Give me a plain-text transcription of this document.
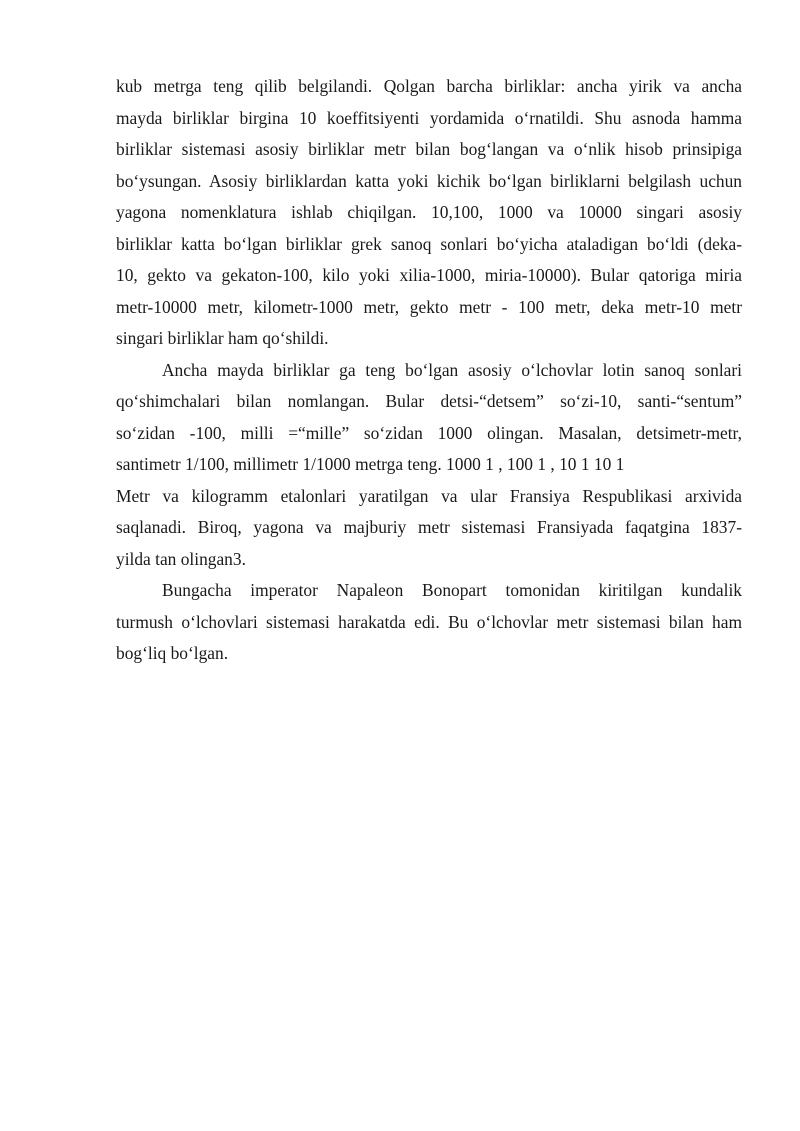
kub metrga teng qilib belgilandi. Qolgan barcha birliklar: ancha yirik va ancha
mayda birliklar birgina 10 koeffitsiyenti yordamida oʻrnatildi. Shu asnoda hamma
birliklar sistemasi asosiy birliklar metr bilan bogʻlangan va oʻnlik hisob prinsipiga
boʻysungan. Asosiy birliklardan katta yoki kichik boʻlgan birliklarni belgilash uchun
yagona nomenklatura ishlab chiqilgan. 10,100, 1000 va 10000 singari asosiy
birliklar katta boʻlgan birliklar grek sanoq sonlari boʻyicha ataladigan boʻldi (deka-
10, gekto va gekaton-100, kilo yoki xilia-1000, miria-10000). Bular qatoriga miria
metr-10000 metr, kilometr-1000 metr, gekto metr - 100 metr, deka metr-10 metr
singari birliklar ham qoʻshildi.
Ancha mayda birliklar ga teng boʻlgan asosiy oʻlchovlar lotin sanoq sonlari
qoʻshimchalari bilan nomlangan. Bular detsi-“detsem” soʻzi-10, santi-“sentum”
soʻzidan -100, milli =“mille” soʻzidan 1000 olingan. Masalan, detsimetr-metr,
santimetr 1/100, millimetr 1/1000 metrga teng. 1000 1 , 100 1 , 10 1 10 1
Metr va kilogramm etalonlari yaratilgan va ular Fransiya Respublikasi arxivida
saqlanadi. Biroq, yagona va majburiy metr sistemasi Fransiyada faqatgina 1837-
yilda tan olingan3.
Bungacha imperator Napaleon Bonopart tomonidan kiritilgan kundalik
turmush oʻlchovlari sistemasi harakatda edi. Bu oʻlchovlar metr sistemasi bilan ham
bogʻliq boʻlgan.
